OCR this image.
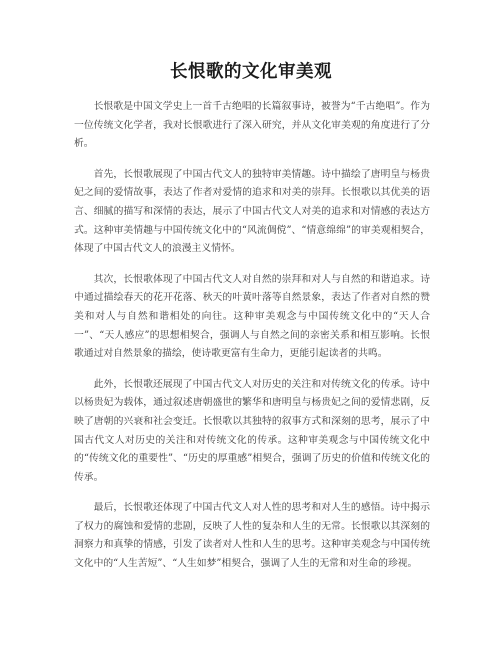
长恨歌的文化审美观

长恨歌是中国文学史上一首千古绝唱的长篇叙事诗，被誉为“千古绝唱”。作为一位传统文化学者，我对长恨歌进行了深入研究，并从文化审美观的角度进行了分析。

首先，长恨歌展现了中国古代文人的独特审美情趣。诗中描绘了唐明皇与杨贵妃之间的爱情故事，表达了作者对爱情的追求和对美的崇拜。长恨歌以其优美的语言、细腻的描写和深情的表达，展示了中国古代文人对美的追求和对情感的表达方式。这种审美情趣与中国传统文化中的“风流倜傥”、“情意绵绵”的审美观相契合，体现了中国古代文人的浪漫主义情怀。

其次，长恨歌体现了中国古代文人对自然的崇拜和对人与自然的和谐追求。诗中通过描绘春天的花开花落、秋天的叶黄叶落等自然景象，表达了作者对自然的赞美和对人与自然和谐相处的向往。这种审美观念与中国传统文化中的“天人合一”、“天人感应”的思想相契合，强调人与自然之间的亲密关系和相互影响。长恨歌通过对自然景象的描绘，使诗歌更富有生命力，更能引起读者的共鸣。

此外，长恨歌还展现了中国古代文人对历史的关注和对传统文化的传承。诗中以杨贵妃为载体，通过叙述唐朝盛世的繁华和唐明皇与杨贵妃之间的爱情悲剧，反映了唐朝的兴衰和社会变迁。长恨歌以其独特的叙事方式和深刻的思考，展示了中国古代文人对历史的关注和对传统文化的传承。这种审美观念与中国传统文化中的“传统文化的重要性”、“历史的厚重感”相契合，强调了历史的价值和传统文化的传承。

最后，长恨歌还体现了中国古代文人对人性的思考和对人生的感悟。诗中揭示了权力的腐蚀和爱情的悲剧，反映了人性的复杂和人生的无常。长恨歌以其深刻的洞察力和真挚的情感，引发了读者对人性和人生的思考。这种审美观念与中国传统文化中的“人生苦短”、“人生如梦”相契合，强调了人生的无常和对生命的珍视。
